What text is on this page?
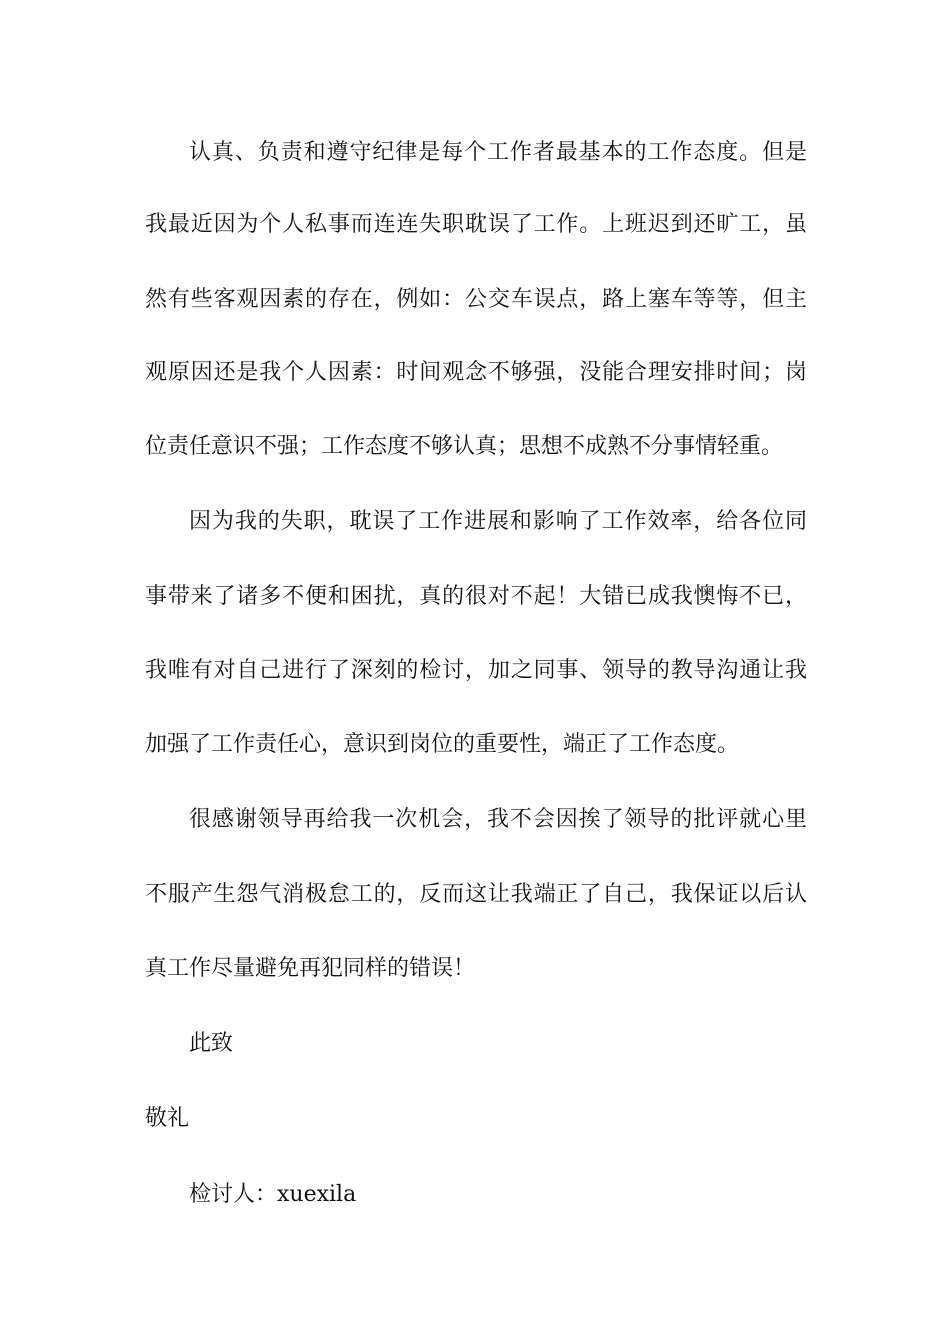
认真、负责和遵守纪律是每个工作者最基本的工作态度。但是
我最近因为个人私事而连连失职耽误了工作。上班迟到还旷工，虽
然有些客观因素的存在，例如：公交车误点，路上塞车等等，但主
观原因还是我个人因素：时间观念不够强，没能合理安排时间；岗
位责任意识不强；工作态度不够认真；思想不成熟不分事情轻重。
因为我的失职，耽误了工作进展和影响了工作效率，给各位同
事带来了诸多不便和困扰，真的很对不起！大错已成我懊悔不已，
我唯有对自己进行了深刻的检讨，加之同事、领导的教导沟通让我
加强了工作责任心，意识到岗位的重要性，端正了工作态度。
很感谢领导再给我一次机会，我不会因挨了领导的批评就心里
不服产生怨气消极怠工的，反而这让我端正了自己，我保证以后认
真工作尽量避免再犯同样的错误！
此致
敬礼
检讨人：xuexila
